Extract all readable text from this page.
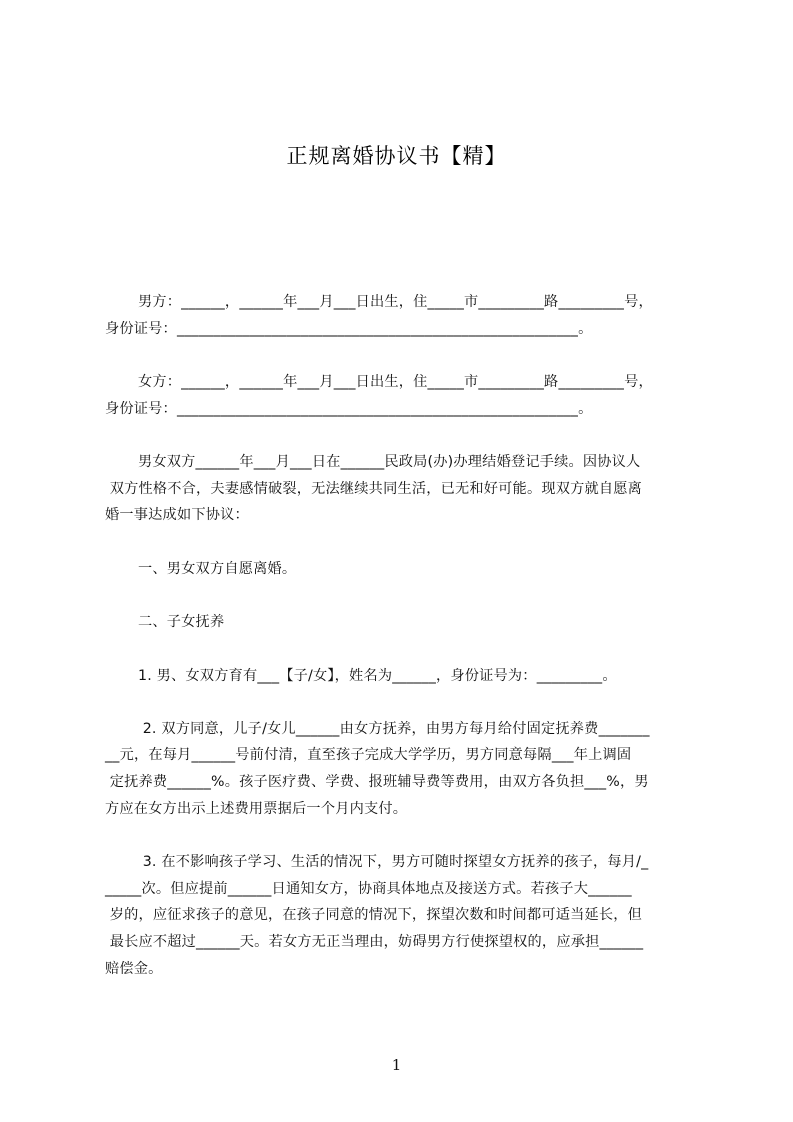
正规离婚协议书【精】
男方：______，______年___月___日出生，住_____市_________路_________号，
身份证号：_______________________________________________________。
女方：______，______年___月___日出生，住_____市_________路_________号，
身份证号：_______________________________________________________。
男女双方______年___月___日在______民政局(办)办理结婚登记手续。因协议人
双方性格不合，夫妻感情破裂，无法继续共同生活，已无和好可能。现双方就自愿离
婚一事达成如下协议：
一、男女双方自愿离婚。
二、子女抚养
1. 男、女双方育有___【子/女】，姓名为______，身份证号为：_________。
2. 双方同意，儿子/女儿______由女方抚养，由男方每月给付固定抚养费_______
__元，在每月______号前付清，直至孩子完成大学学历，男方同意每隔___年上调固
定抚养费______%。孩子医疗费、学费、报班辅导费等费用，由双方各负担___%，男
方应在女方出示上述费用票据后一个月内支付。
3. 在不影响孩子学习、生活的情况下，男方可随时探望女方抚养的孩子，每月/_
_____次。但应提前______日通知女方，协商具体地点及接送方式。若孩子大______
岁的，应征求孩子的意见，在孩子同意的情况下，探望次数和时间都可适当延长，但
最长应不超过______天。若女方无正当理由，妨碍男方行使探望权的，应承担______
赔偿金。
1
